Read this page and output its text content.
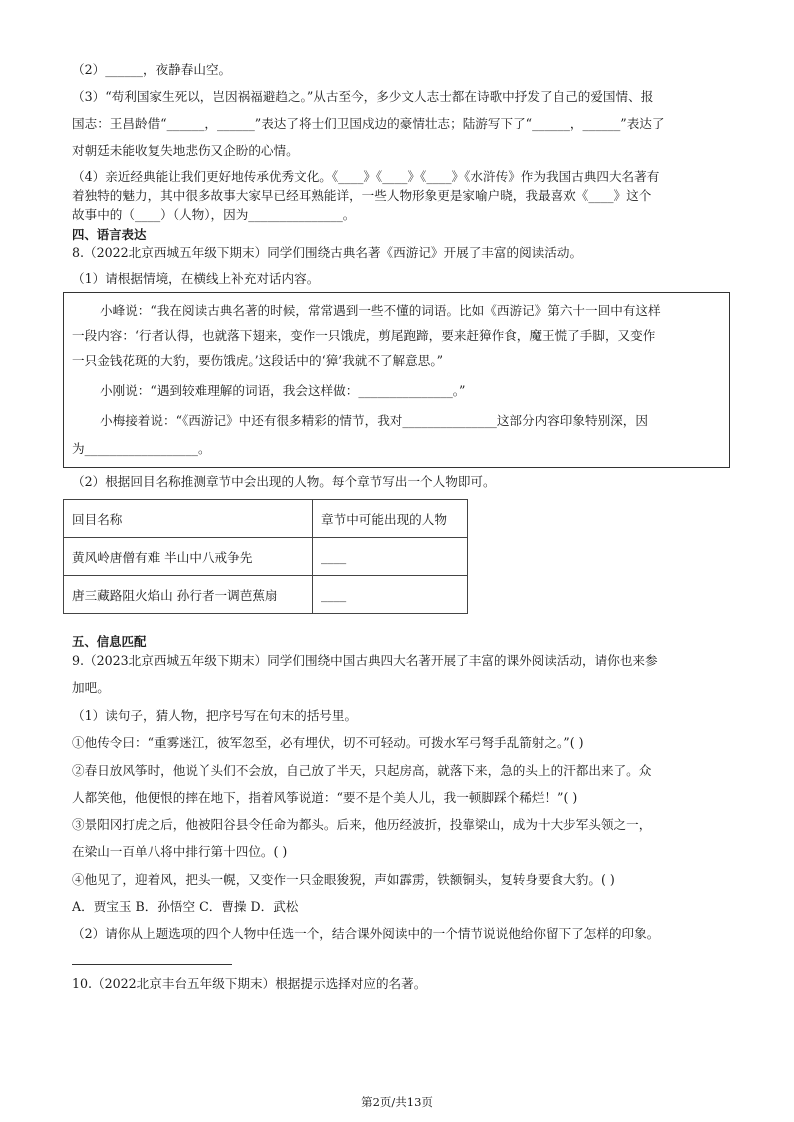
（2）______，夜静春山空。
（3）“苟利国家生死以，岂因祸福避趋之。”从古至今，多少文人志士都在诗歌中抒发了自己的爱国情、报
国志：王昌龄借“______，______”表达了将士们卫国戍边的豪情壮志；陆游写下了“______，______”表达了
对朝廷未能收复失地悲伤又企盼的心情。
（4）亲近经典能让我们更好地传承优秀文化。《____》《____》《____》《水浒传》作为我国古典四大名著有
着独特的魅力，其中很多故事大家早已经耳熟能详，一些人物形象更是家喻户晓，我最喜欢《____》这个
故事中的（____）（人物），因为_______________。
四、语言表达
8.（2022北京西城五年级下期末）同学们围绕古典名著《西游记》开展了丰富的阅读活动。
（1）请根据情境，在横线上补充对话内容。
小峰说：“我在阅读古典名著的时候，常常遇到一些不懂的词语。比如《西游记》第六十一回中有这样
一段内容：‘行者认得，也就落下翅来，变作一只饿虎，剪尾跑蹄，要来赶獐作食，魔王慌了手脚，又变作
一只金钱花斑的大豹，要伤饿虎。’这段话中的‘獐’我就不了解意思。”
小刚说：“遇到较难理解的词语，我会这样做：_______________。”
小梅接着说：“《西游记》中还有很多精彩的情节，我对_______________这部分内容印象特别深，因
为__________________。
（2）根据回目名称推测章节中会出现的人物。每个章节写出一个人物即可。
回目名称	章节中可能出现的人物
黄风岭唐僧有难 半山中八戒争先	____
唐三藏路阻火焰山 孙行者一调芭蕉扇	____
五、信息匹配
9.（2023北京西城五年级下期末）同学们围绕中国古典四大名著开展了丰富的课外阅读活动，请你也来参
加吧。
（1）读句子，猜人物，把序号写在句末的括号里。
①他传令曰：“重雾迷江，彼军忽至，必有埋伏，切不可轻动。可拨水军弓弩手乱箭射之。”( )
②春日放风筝时，他说丫头们不会放，自己放了半天，只起房高，就落下来，急的头上的汗都出来了。众
人都笑他，他便恨的摔在地下，指着风筝说道：“要不是个美人儿，我一顿脚踩个稀烂！”( )
③景阳冈打虎之后，他被阳谷县令任命为都头。后来，他历经波折，投靠梁山，成为十大步军头领之一，
在梁山一百单八将中排行第十四位。( )
④他见了，迎着风，把头一幌，又变作一只金眼狻猊，声如霹雳，铁额铜头，复转身要食大豹。( )
A．贾宝玉 B．孙悟空 C．曹操 D．武松
（2）请你从上题选项的四个人物中任选一个，结合课外阅读中的一个情节说说他给你留下了怎样的印象。
10.（2022北京丰台五年级下期末）根据提示选择对应的名著。
第2页/共13页
